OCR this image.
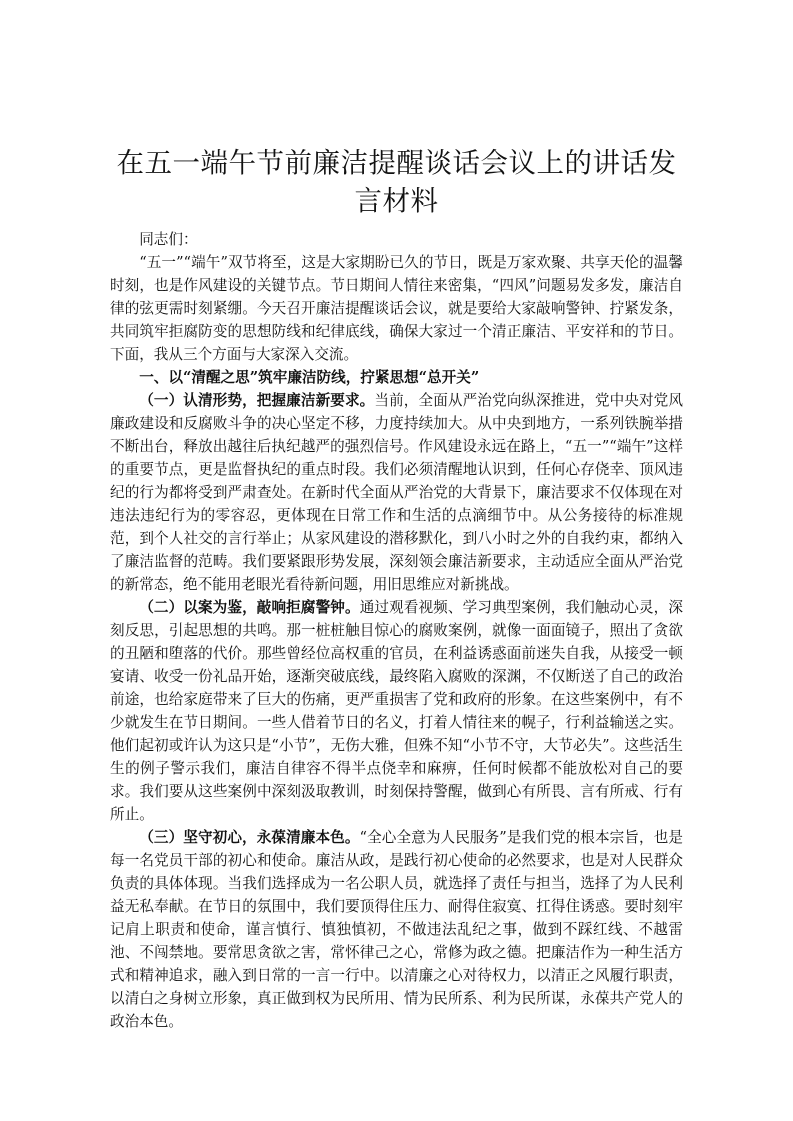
在五一端午节前廉洁提醒谈话会议上的讲话发言材料

同志们：

“五一”“端午”双节将至，这是大家期盼已久的节日，既是万家欢聚、共享天伦的温馨时刻，也是作风建设的关键节点。节日期间人情往来密集，“四风”问题易发多发，廉洁自律的弦更需时刻紧绷。今天召开廉洁提醒谈话会议，就是要给大家敲响警钟、拧紧发条，共同筑牢拒腐防变的思想防线和纪律底线，确保大家过一个清正廉洁、平安祥和的节日。下面，我从三个方面与大家深入交流。

一、以“清醒之思”筑牢廉洁防线，拧紧思想“总开关”

（一）认清形势，把握廉洁新要求。当前，全面从严治党向纵深推进，党中央对党风廉政建设和反腐败斗争的决心坚定不移，力度持续加大。从中央到地方，一系列铁腕举措不断出台，释放出越往后执纪越严的强烈信号。作风建设永远在路上，“五一”“端午”这样的重要节点，更是监督执纪的重点时段。我们必须清醒地认识到，任何心存侥幸、顶风违纪的行为都将受到严肃查处。在新时代全面从严治党的大背景下，廉洁要求不仅体现在对违法违纪行为的零容忍，更体现在日常工作和生活的点滴细节中。从公务接待的标准规范，到个人社交的言行举止；从家风建设的潜移默化，到八小时之外的自我约束，都纳入了廉洁监督的范畴。我们要紧跟形势发展，深刻领会廉洁新要求，主动适应全面从严治党的新常态，绝不能用老眼光看待新问题，用旧思维应对新挑战。

（二）以案为鉴，敲响拒腐警钟。通过观看视频、学习典型案例，我们触动心灵，深刻反思，引起思想的共鸣。那一桩桩触目惊心的腐败案例，就像一面面镜子，照出了贪欲的丑陋和堕落的代价。那些曾经位高权重的官员，在利益诱惑面前迷失自我，从接受一顿宴请、收受一份礼品开始，逐渐突破底线，最终陷入腐败的深渊，不仅断送了自己的政治前途，也给家庭带来了巨大的伤痛，更严重损害了党和政府的形象。在这些案例中，有不少就发生在节日期间。一些人借着节日的名义，打着人情往来的幌子，行利益输送之实。他们起初或许认为这只是“小节”，无伤大雅，但殊不知“小节不守，大节必失”。这些活生生的例子警示我们，廉洁自律容不得半点侥幸和麻痹，任何时候都不能放松对自己的要求。我们要从这些案例中深刻汲取教训，时刻保持警醒，做到心有所畏、言有所戒、行有所止。

（三）坚守初心，永葆清廉本色。“全心全意为人民服务”是我们党的根本宗旨，也是每一名党员干部的初心和使命。廉洁从政，是践行初心使命的必然要求，也是对人民群众负责的具体体现。当我们选择成为一名公职人员，就选择了责任与担当，选择了为人民利益无私奉献。在节日的氛围中，我们要顶得住压力、耐得住寂寞、扛得住诱惑。要时刻牢记肩上职责和使命，谨言慎行、慎独慎初，不做违法乱纪之事，做到不踩红线、不越雷池、不闯禁地。要常思贪欲之害，常怀律己之心，常修为政之德。把廉洁作为一种生活方式和精神追求，融入到日常的一言一行中。以清廉之心对待权力，以清正之风履行职责，以清白之身树立形象，真正做到权为民所用、情为民所系、利为民所谋，永葆共产党人的政治本色。
